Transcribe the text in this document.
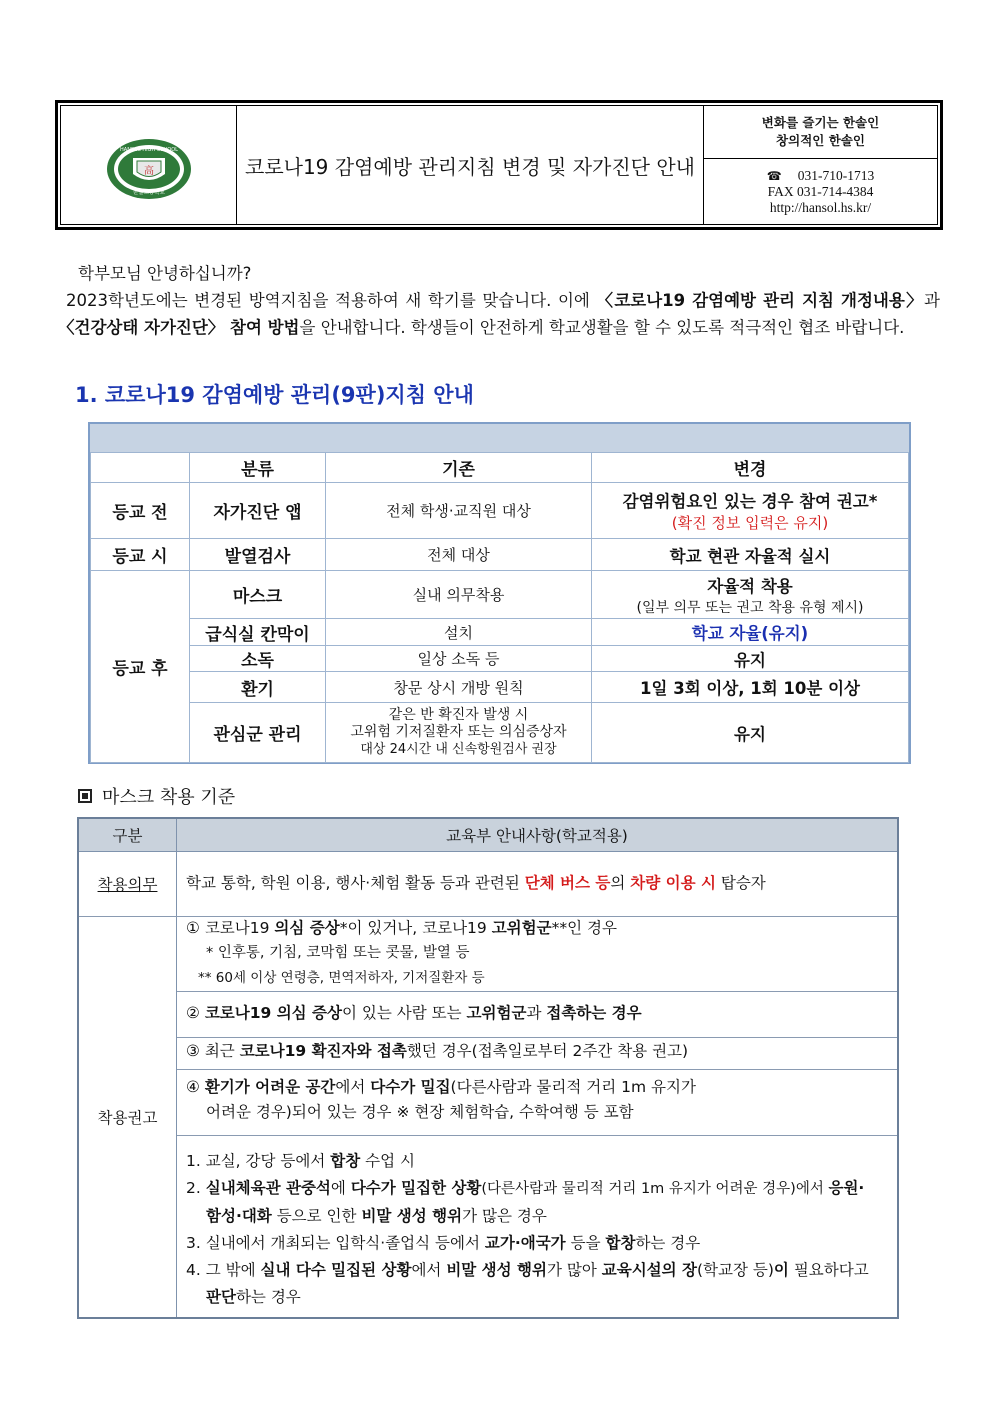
高
HANSOL HIGH SCHOOL
한솔고등학교
코로나19 감염예방 관리지침 변경 및 자가진단 안내
변화를 즐기는 한솔인
창의적인 한솔인
☎ 031-710-1713
FAX 031-714-4384
http://hansol.hs.kr/

학부모님 안녕하십니까?

2023학년도에는 변경된 방역지침을 적용하여 새 학기를 맞습니다. 이에 〈코로나19 감염예방 관리 지침 개정내용〉과 〈건강상태 자가진단〉 참여 방법을 안내합니다. 학생들이 안전하게 학교생활을 할 수 있도록 적극적인 협조 바랍니다.

1. 코로나19 감염예방 관리(9판)지침 안내
	분류	기존	변경
등교 전	자가진단 앱	전체 학생·교직원 대상	감염위험요인 있는 경우 참여 권고*
(확진 정보 입력은 유지)

등교 시	발열검사	전체 대상	학교 현관 자율적 실시
등교 후	마스크	실내 의무착용	자율적 착용
(일부 의무 또는 권고 착용 유형 제시)

	급식실 칸막이	설치	학교 자율(유지)
	소독	일상 소독 등	유지
	환기	창문 상시 개방 원칙	1일 3회 이상, 1회 10분 이상
	관심군 관리	같은 반 확진자 발생 시
고위험 기저질환자 또는 의심증상자
대상 24시간 내 신속항원검사 권장	유지
마스크 착용 기준
구분	교육부 안내사항(학교적용)
착용의무	학교 통학, 학원 이용, 행사·체험 활동 등과 관련된 단체 버스 등의 차량 이용 시 탑승자
착용권고
① 코로나19 의심 증상*이 있거나, 코로나19 고위험군**인 경우
* 인후통, 기침, 코막힘 또는 콧물, 발열 등
** 60세 이상 연령층, 면역저하자, 기저질환자 등
② 코로나19 의심 증상이 있는 사람 또는 고위험군과 접촉하는 경우
③ 최근 코로나19 확진자와 접촉했던 경우(접촉일로부터 2주간 착용 권고)
④ 환기가 어려운 공간에서 다수가 밀집(다른사람과 물리적 거리 1m 유지가
어려운 경우)되어 있는 경우 ※ 현장 체험학습, 수학여행 등 포함
1. 교실, 강당 등에서 합창 수업 시
2. 실내체육관 관중석에 다수가 밀집한 상황(다른사람과 물리적 거리 1m 유지가 어려운 경우)에서 응원·
함성·대화 등으로 인한 비말 생성 행위가 많은 경우
3. 실내에서 개최되는 입학식·졸업식 등에서 교가·애국가 등을 합창하는 경우
4. 그 밖에 실내 다수 밀집된 상황에서 비말 생성 행위가 많아 교육시설의 장(학교장 등)이 필요하다고
판단하는 경우
